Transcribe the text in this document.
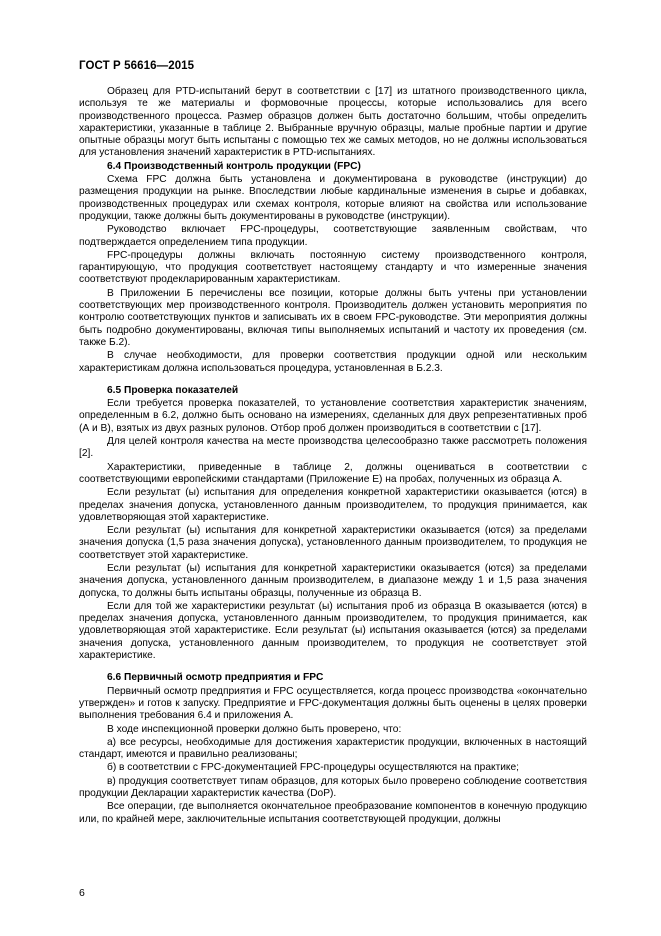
ГОСТ Р 56616—2015

Образец для PTD-испытаний берут в соответствии с [17] из штатного производственного цикла, используя те же материалы и формовочные процессы, которые использовались для всего производственного процесса. Размер образцов должен быть достаточно большим, чтобы определить характеристики, указанные в таблице 2. Выбранные вручную образцы, малые пробные партии и другие опытные образцы могут быть испытаны с помощью тех же самых методов, но не должны использоваться для установления значений характеристик в PTD-испытаниях.

6.4 Производственный контроль продукции (FPC)

Схема FPC должна быть установлена и документирована в руководстве (инструкции) до размещения продукции на рынке. Впоследствии любые кардинальные изменения в сырье и добавках, производственных процедурах или схемах контроля, которые влияют на свойства или использование продукции, также должны быть документированы в руководстве (инструкции).

Руководство включает FPC-процедуры, соответствующие заявленным свойствам, что подтверждается определением типа продукции.

FPC-процедуры должны включать постоянную систему производственного контроля, гарантирующую, что продукция соответствует настоящему стандарту и что измеренные значения соответствуют продекларированным характеристикам.

В Приложении Б перечислены все позиции, которые должны быть учтены при установлении соответствующих мер производственного контроля. Производитель должен установить мероприятия по контролю соответствующих пунктов и записывать их в своем FPC-руководстве. Эти мероприятия должны быть подробно документированы, включая типы выполняемых испытаний и частоту их проведения (см. также Б.2).

В случае необходимости, для проверки соответствия продукции одной или нескольким характеристикам должна использоваться процедура, установленная в Б.2.3.

6.5 Проверка показателей

Если требуется проверка показателей, то установление соответствия характеристик значениям, определенным в 6.2, должно быть основано на измерениях, сделанных для двух репрезентативных проб (А и В), взятых из двух разных рулонов. Отбор проб должен производиться в соответствии с [17].

Для целей контроля качества на месте производства целесообразно также рассмотреть положения [2].

Характеристики, приведенные в таблице 2, должны оцениваться в соответствии с соответствующими европейскими стандартами (Приложение Е) на пробах, полученных из образца А.

Если результат (ы) испытания для определения конкретной характеристики оказывается (ются) в пределах значения допуска, установленного данным производителем, то продукция принимается, как удовлетворяющая этой характеристике.

Если результат (ы) испытания для конкретной характеристики оказывается (ются) за пределами значения допуска (1,5 раза значения допуска), установленного данным производителем, то продукция не соответствует этой характеристике.

Если результат (ы) испытания для конкретной характеристики оказывается (ются) за пределами значения допуска, установленного данным производителем, в диапазоне между 1 и 1,5 раза значения допуска, то должны быть испытаны образцы, полученные из образца В.

Если для той же характеристики результат (ы) испытания проб из образца В оказывается (ются) в пределах значения допуска, установленного данным производителем, то продукция принимается, как удовлетворяющая этой характеристике. Если результат (ы) испытания оказывается (ются) за пределами значения допуска, установленного данным производителем, то продукция не соответствует этой характеристике.

6.6 Первичный осмотр предприятия и FPC

Первичный осмотр предприятия и FPC осуществляется, когда процесс производства «окончательно утвержден» и готов к запуску. Предприятие и FPC-документация должны быть оценены в целях проверки выполнения требования 6.4 и приложения А.

В ходе инспекционной проверки должно быть проверено, что:

а) все ресурсы, необходимые для достижения характеристик продукции, включенных в настоящий стандарт, имеются и правильно реализованы;

б) в соответствии с FPC-документацией FPC-процедуры осуществляются на практике;

в) продукция соответствует типам образцов, для которых было проверено соблюдение соответствия продукции Декларации характеристик качества (DoP).

Все операции, где выполняется окончательное преобразование компонентов в конечную продукцию или, по крайней мере, заключительные испытания соответствующей продукции, должны

6
